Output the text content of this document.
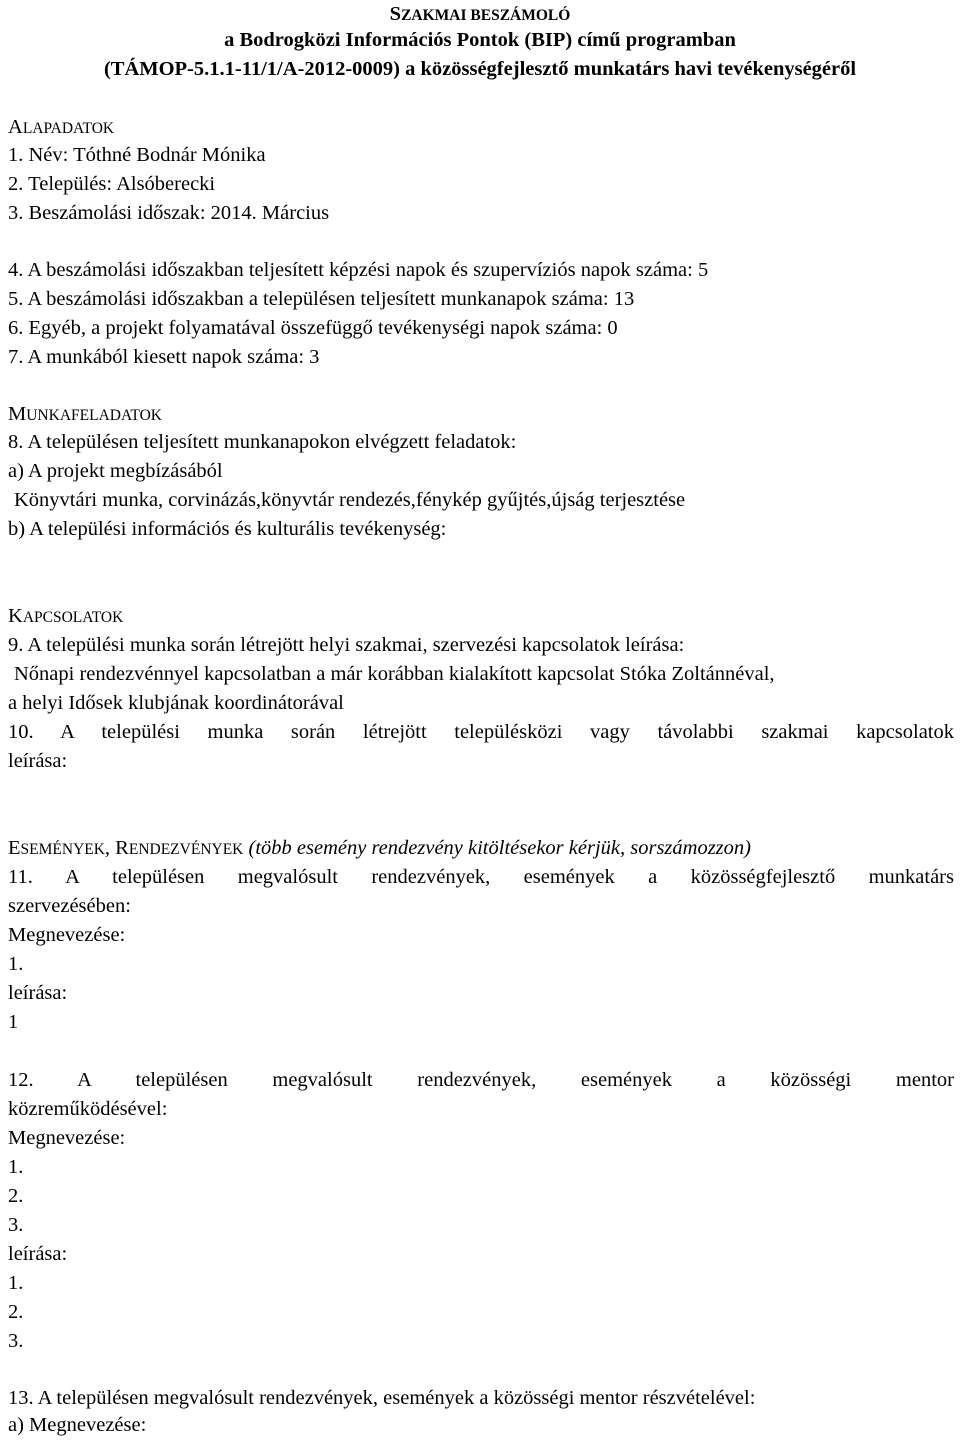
SZAKMAI BESZÁMOLÓ
a Bodrogközi Információs Pontok (BIP) című programban
(TÁMOP-5.1.1-11/1/A-2012-0009) a közösségfejlesztő munkatárs havi tevékenységéről
ALAPADATOK
1. Név: Tóthné Bodnár Mónika
2. Település: Alsóberecki
3. Beszámolási időszak: 2014. Március
4. A beszámolási időszakban teljesített képzési napok és szupervíziós napok száma: 5
5. A beszámolási időszakban a településen teljesített munkanapok száma: 13
6. Egyéb, a projekt folyamatával összefüggő tevékenységi napok száma: 0
7. A munkából kiesett napok száma: 3
MUNKAFELADATOK
8. A településen teljesített munkanapokon elvégzett feladatok:
a) A projekt megbízásából
Könyvtári munka, corvinázás,könyvtár rendezés,fénykép gyűjtés,újság terjesztése
b) A települési információs és kulturális tevékenység:
KAPCSOLATOK
9. A települési munka során létrejött helyi szakmai, szervezési kapcsolatok leírása:
Nőnapi rendezvénnyel kapcsolatban a már korábban kialakított kapcsolat Stóka Zoltánnéval,
a helyi Idősek klubjának koordinátorával
10. A települési munka során létrejött településközi vagy távolabbi szakmai kapcsolatok
leírása:
ESEMÉNYEK, RENDEZVÉNYEK (több esemény rendezvény kitöltésekor kérjük, sorszámozzon)
11. A településen megvalósult rendezvények, események a közösségfejlesztő munkatárs
szervezésében:
Megnevezése:
1.
leírása:
1
12. A településen megvalósult rendezvények, események a közösségi mentor
közreműködésével:
Megnevezése:
1.
2.
3.
leírása:
1.
2.
3.
13. A településen megvalósult rendezvények, események a közösségi mentor részvételével:
a) Megnevezése:
